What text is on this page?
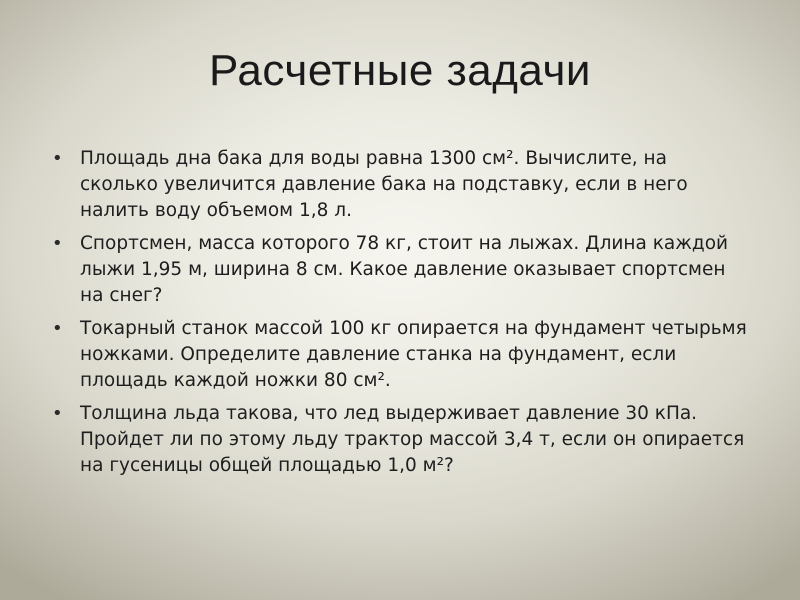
Расчетные задачи
• Площадь дна бака для воды равна 1300 см². Вычислите, на сколько увеличится давление бака на подставку, если в него налить воду объемом 1,8 л.
• Спортсмен, масса которого 78 кг, стоит на лыжах. Длина каждой лыжи 1,95 м, ширина 8 см. Какое давление оказывает спортсмен на снег?
• Токарный станок массой 100 кг опирается на фундамент четырьмя ножками. Определите давление станка на фундамент, если площадь каждой ножки 80 см².
• Толщина льда такова, что лед выдерживает давление 30 кПа. Пройдет ли по этому льду трактор массой 3,4 т, если он опирается на гусеницы общей площадью 1,0 м²?
